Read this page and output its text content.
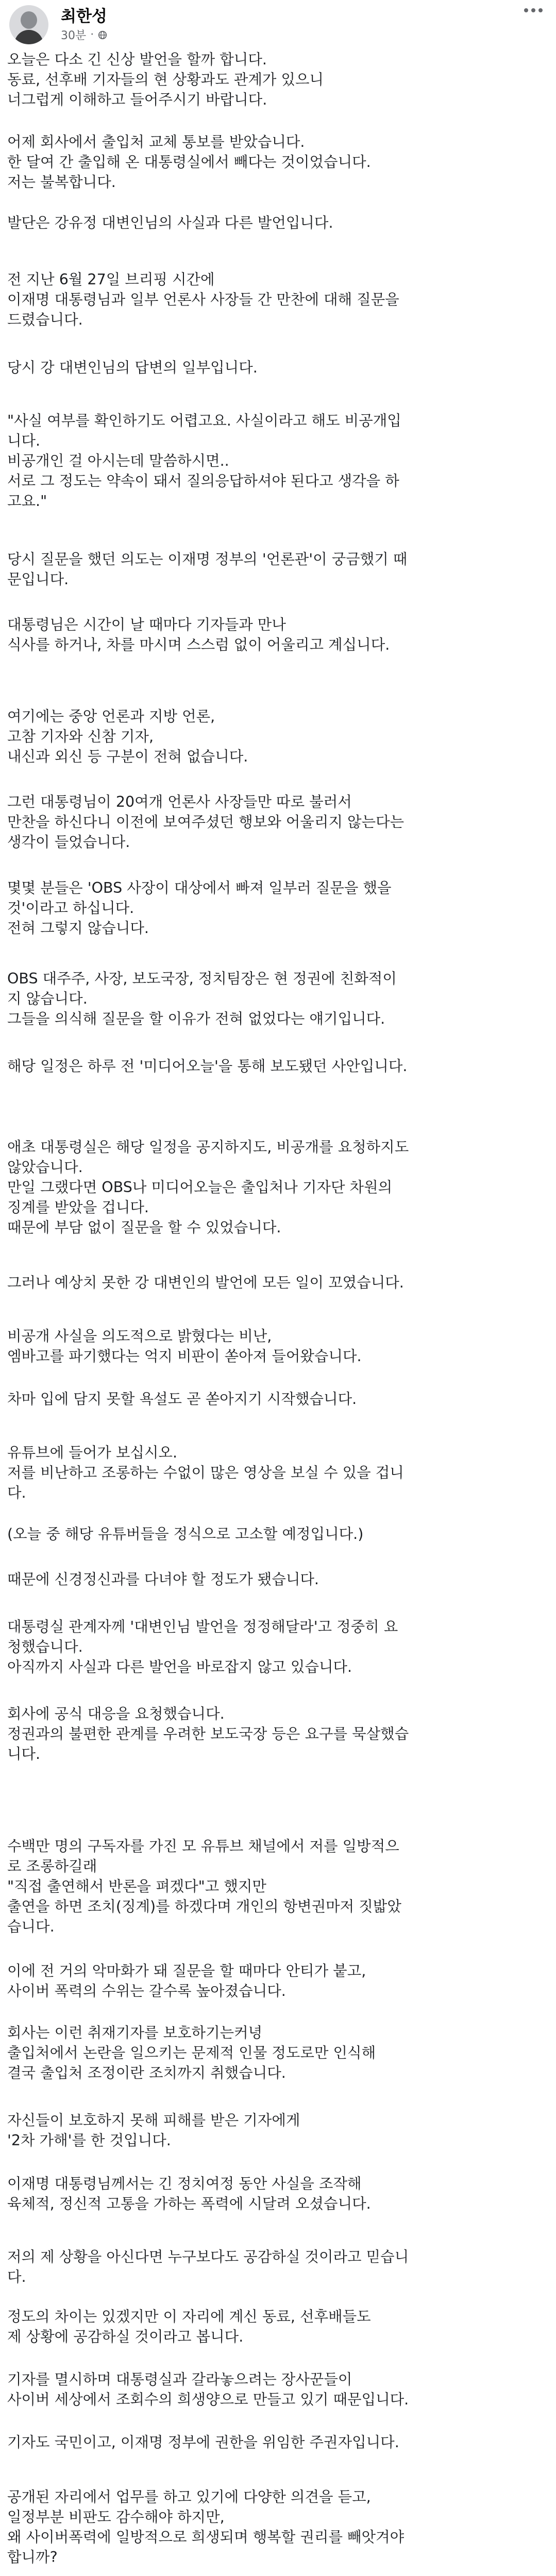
최한성
30분 ·
오늘은 다소 긴 신상 발언을 할까 합니다.
동료, 선후배 기자들의 현 상황과도 관계가 있으니
너그럽게 이해하고 들어주시기 바랍니다.
어제 회사에서 출입처 교체 통보를 받았습니다.
한 달여 간 출입해 온 대통령실에서 빼다는 것이었습니다.
저는 불복합니다.
발단은 강유정 대변인님의 사실과 다른 발언입니다.
전 지난 6월 27일 브리핑 시간에
이재명 대통령님과 일부 언론사 사장들 간 만찬에 대해 질문을
드렸습니다.
당시 강 대변인님의 답변의 일부입니다.
"사실 여부를 확인하기도 어렵고요. 사실이라고 해도 비공개입
니다.
비공개인 걸 아시는데 말씀하시면..
서로 그 정도는 약속이 돼서 질의응답하셔야 된다고 생각을 하
고요."
당시 질문을 했던 의도는 이재명 정부의 '언론관'이 궁금했기 때
문입니다.
대통령님은 시간이 날 때마다 기자들과 만나
식사를 하거나, 차를 마시며 스스럼 없이 어울리고 계십니다.
여기에는 중앙 언론과 지방 언론,
고참 기자와 신참 기자,
내신과 외신 등 구분이 전혀 없습니다.
그런 대통령님이 20여개 언론사 사장들만 따로 불러서
만찬을 하신다니 이전에 보여주셨던 행보와 어울리지 않는다는
생각이 들었습니다.
몇몇 분들은 'OBS 사장이 대상에서 빠져 일부러 질문을 했을
것'이라고 하십니다.
전혀 그렇지 않습니다.
OBS 대주주, 사장, 보도국장, 정치팀장은 현 정권에 친화적이
지 않습니다.
그들을 의식해 질문을 할 이유가 전혀 없었다는 얘기입니다.
해당 일정은 하루 전 '미디어오늘'을 통해 보도됐던 사안입니다.
애초 대통령실은 해당 일정을 공지하지도, 비공개를 요청하지도
않았습니다.
만일 그랬다면 OBS나 미디어오늘은 출입처나 기자단 차원의
징계를 받았을 겁니다.
때문에 부담 없이 질문을 할 수 있었습니다.
그러나 예상치 못한 강 대변인의 발언에 모든 일이 꼬였습니다.
비공개 사실을 의도적으로 밝혔다는 비난,
엠바고를 파기했다는 억지 비판이 쏟아져 들어왔습니다.
차마 입에 담지 못할 욕설도 곧 쏟아지기 시작했습니다.
유튜브에 들어가 보십시오.
저를 비난하고 조롱하는 수없이 많은 영상을 보실 수 있을 겁니
다.
(오늘 중 해당 유튜버들을 정식으로 고소할 예정입니다.)
때문에 신경정신과를 다녀야 할 정도가 됐습니다.
대통령실 관계자께 '대변인님 발언을 정정해달라'고 정중히 요
청했습니다.
아직까지 사실과 다른 발언을 바로잡지 않고 있습니다.
회사에 공식 대응을 요청했습니다.
정권과의 불편한 관계를 우려한 보도국장 등은 요구를 묵살했습
니다.
수백만 명의 구독자를 가진 모 유튜브 채널에서 저를 일방적으
로 조롱하길래
"직접 출연해서 반론을 펴겠다"고 했지만
출연을 하면 조치(징계)를 하겠다며 개인의 항변권마저 짓밟았
습니다.
이에 전 거의 악마화가 돼 질문을 할 때마다 안티가 붙고,
사이버 폭력의 수위는 갈수록 높아졌습니다.
회사는 이런 취재기자를 보호하기는커녕
출입처에서 논란을 일으키는 문제적 인물 정도로만 인식해
결국 출입처 조정이란 조치까지 취했습니다.
자신들이 보호하지 못해 피해를 받은 기자에게
'2차 가해'를 한 것입니다.
이재명 대통령님께서는 긴 정치여정 동안 사실을 조작해
육체적, 정신적 고통을 가하는 폭력에 시달려 오셨습니다.
저의 제 상황을 아신다면 누구보다도 공감하실 것이라고 믿습니
다.
정도의 차이는 있겠지만 이 자리에 계신 동료, 선후배들도
제 상황에 공감하실 것이라고 봅니다.
기자를 멸시하며 대통령실과 갈라놓으려는 장사꾼들이
사이버 세상에서 조회수의 희생양으로 만들고 있기 때문입니다.
기자도 국민이고, 이재명 정부에 권한을 위임한 주권자입니다.
공개된 자리에서 업무를 하고 있기에 다양한 의견을 듣고,
일정부분 비판도 감수해야 하지만,
왜 사이버폭력에 일방적으로 희생되며 행복할 권리를 빼앗겨야
합니까?
